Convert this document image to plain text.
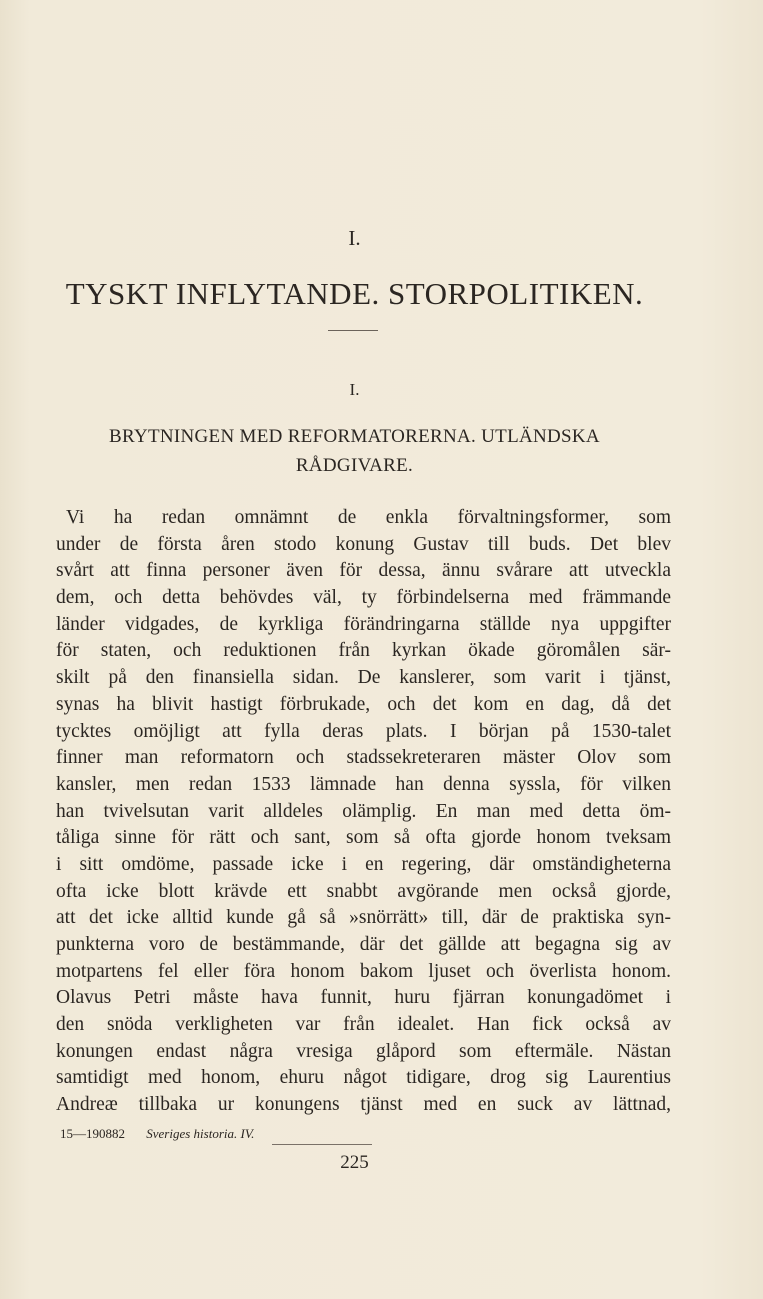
I.
TYSKT INFLYTANDE. STORPOLITIKEN.
I.
BRYTNINGEN MED REFORMATORERNA. UTLÄNDSKA
RÅDGIVARE.
Vi ha redan omnämnt de enkla förvaltningsformer, som
under de första åren stodo konung Gustav till buds. Det blev
svårt att finna personer även för dessa, ännu svårare att utveckla
dem, och detta behövdes väl, ty förbindelserna med främmande
länder vidgades, de kyrkliga förändringarna ställde nya uppgifter
för staten, och reduktionen från kyrkan ökade göromålen sär-
skilt på den finansiella sidan. De kanslerer, som varit i tjänst,
synas ha blivit hastigt förbrukade, och det kom en dag, då det
tycktes omöjligt att fylla deras plats. I början på 1530-talet
finner man reformatorn och stadssekreteraren mäster Olov som
kansler, men redan 1533 lämnade han denna syssla, för vilken
han tvivelsutan varit alldeles olämplig. En man med detta öm-
tåliga sinne för rätt och sant, som så ofta gjorde honom tveksam
i sitt omdöme, passade icke i en regering, där omständigheterna
ofta icke blott krävde ett snabbt avgörande men också gjorde,
att det icke alltid kunde gå så »snörrätt» till, där de praktiska syn-
punkterna voro de bestämmande, där det gällde att begagna sig av
motpartens fel eller föra honom bakom ljuset och överlista honom.
Olavus Petri måste hava funnit, huru fjärran konungadömet i
den snöda verkligheten var från idealet. Han fick också av
konungen endast några vresiga glåpord som eftermäle. Nästan
samtidigt med honom, ehuru något tidigare, drog sig Laurentius
Andreæ tillbaka ur konungens tjänst med en suck av lättnad,
15—190882 Sveriges historia. IV.
225
